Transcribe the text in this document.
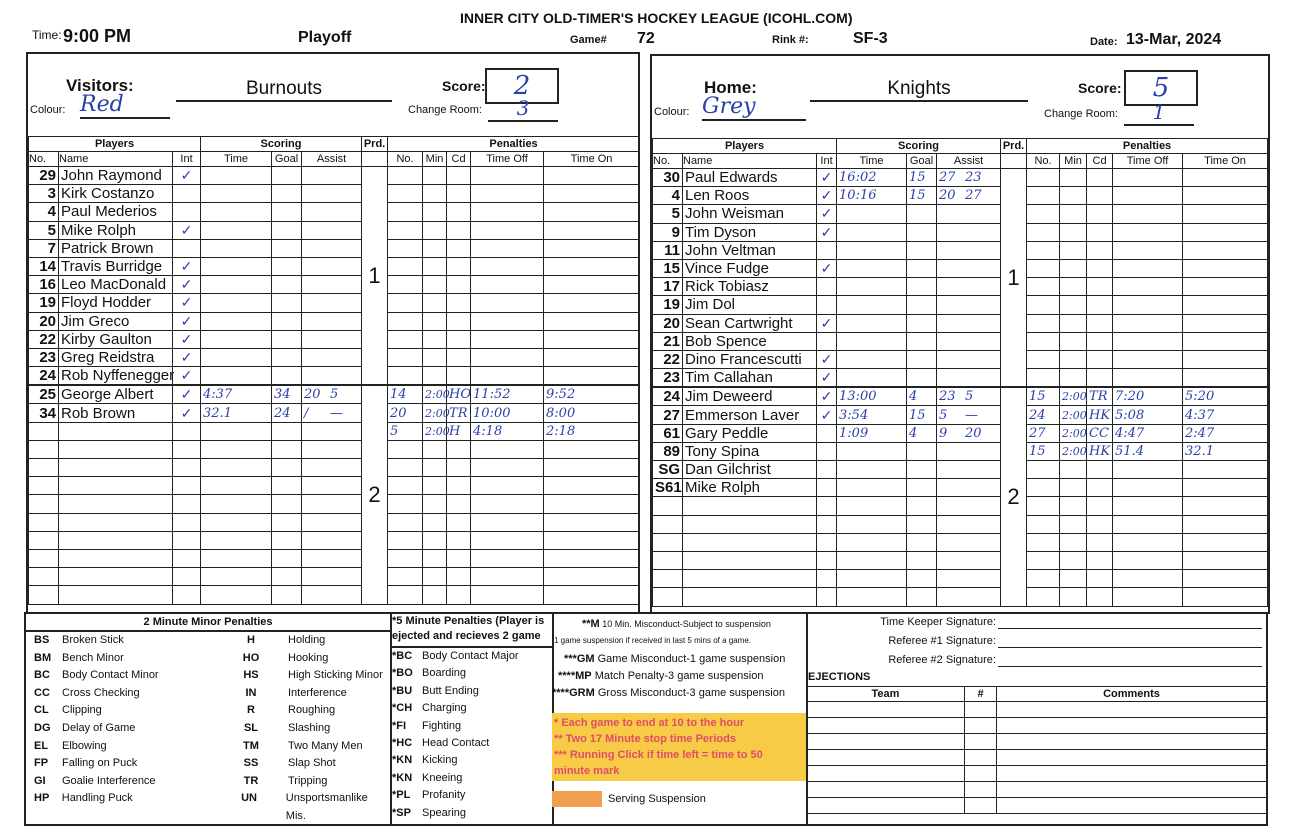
INNER CITY OLD-TIMER'S HOCKEY LEAGUE (ICOHL.COM)
Time: 9:00 PM	Playoff	Game# 72	Rink #:	SF-3	Date: 13-Mar, 2024
Visitors:	Burnouts	Score:	2
Colour: Red	Change Room:	3
Players			Scoring			Prd.	Penalties				
No.	Name	Int	Time	Goal	Assist		No.	Min	Cd	Time Off	Time On
29	John Raymond	✓				1					
3	Kirk Costanzo										
4	Paul Mederios										
5	Mike Rolph	✓									
7	Patrick Brown										
14	Travis Burridge	✓									
16	Leo MacDonald	✓									
19	Floyd Hodder	✓									
20	Jim Greco	✓									
22	Kirby Gaulton	✓									
23	Greg Reidstra	✓									
24	Rob Nyffenegger	✓									
25	George Albert	✓	4:37	34	20 5	2	14	2:00	HO	11:52	9:52
34	Rob Brown	✓	32.1	24	/ —		20	2:00	TR	10:00	8:00
							5	2:00	H	4:18	2:18

Home:	Knights	Score:	5
Colour: Grey	Change Room:	1
Players			Scoring			Prd.	Penalties				
No.	Name	Int	Time	Goal	Assist		No.	Min	Cd	Time Off	Time On
30	Paul Edwards	✓	16:02	15	27 23	1					
4	Len Roos	✓	10:16	15	20 27						
5	John Weisman	✓									
9	Tim Dyson	✓									
11	John Veltman										
15	Vince Fudge	✓									
17	Rick Tobiasz										
19	Jim Dol										
20	Sean Cartwright	✓									
21	Bob Spence										
22	Dino Francescutti	✓									
23	Tim Callahan	✓									
24	Jim Deweerd	✓	13:00	4	23 5	2	15	2:00	TR	7:20	5:20
27	Emmerson Laver	✓	3:54	15	5 —		24	2:00	HK	5:08	4:37
61	Gary Peddle		1:09	4	9 20		27	2:00	CC	4:47	2:47
89	Tony Spina						15	2:00	HK	51.4	32.1
SG	Dan Gilchrist										
S61	Mike Rolph										

2 Minute Minor Penalties
BS	Broken Stick	H	Holding
BM Bench Minor	HO	Hooking
BC	Body Contact Minor	HS	High Sticking Minor
CC	Cross Checking	IN	Interference
CL	Clipping	R	Roughing
DG	Delay of Game	SL	Slashing
EL	Elbowing	TM	Two Many Men
FP	Falling on Puck	SS	Slap Shot
GI	Goalie Interference	TR	Tripping
HP	Handling Puck	UN	Unsportsmanlike Mis.
*5 Minute Penalties (Player is
ejected and recieves 2 game
*BC Body Contact Major
*BO Boarding
*BU Butt Ending
*CH Charging
*FI	Fighting
*HC Head Contact
*KN Kicking
*KN Kneeing
*PL	Profanity
*SP	Spearing
**M 10 Min. Misconduct-Subject to suspension
1 game suspension if received in last 5 mins of a game.
***GM Game Misconduct-1 game suspension
****MP Match Penalty-3 game suspension
****GRM Gross Misconduct-3 game suspension
* Each game to end at 10 to the hour
** Two 17 Minute stop time Periods
*** Running Click if time left = time to 50
minute mark
Serving Suspension
Time Keeper Signature:
Referee #1 Signature:
Referee #2 Signature:
EJECTIONS
Team	#	Comments
